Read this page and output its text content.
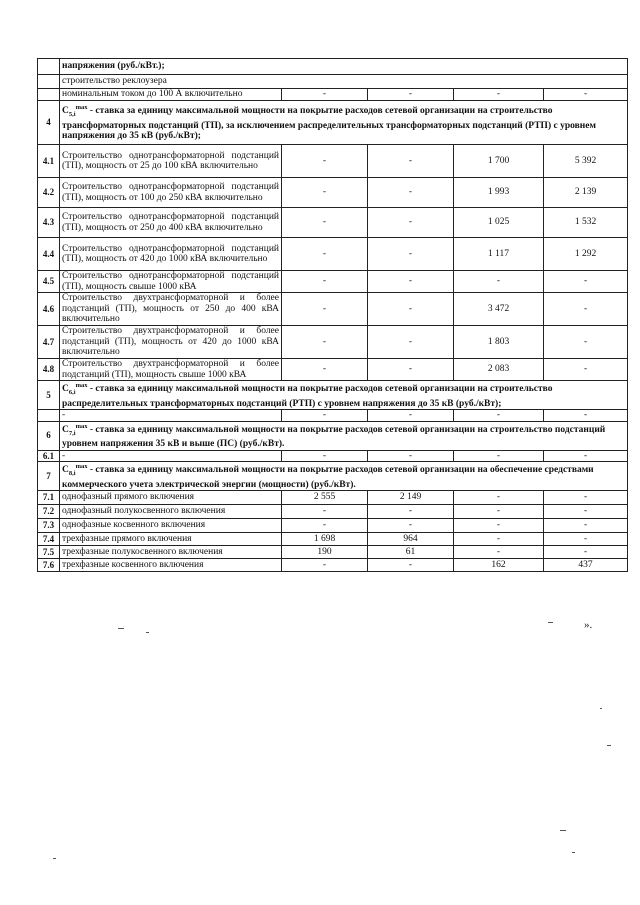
	напряжения (руб./кВт.);				
	строительство реклоузера				
	номинальным током до 100 А включительно	-	-	-	-
4	$С_{5,i}^{max}$ - ставка за единицу максимальной мощности на покрытие расходов сетевой организации на строительство трансформаторных подстанций (ТП), за исключением распределительных трансформаторных подстанций (РТП) с уровнем напряжения до 35 кВ (руб./кВт);				
4.1	Строительство однотрансформаторной подстанций (ТП), мощность от 25 до 100 кВА включительно	-	-	1 700	5 392
4.2	Строительство однотрансформаторной подстанций (ТП), мощность от 100 до 250 кВА включительно	-	-	1 993	2 139
4.3	Строительство однотрансформаторной подстанций (ТП), мощность от 250 до 400 кВА включительно	-	-	1 025	1 532
4.4	Строительство однотрансформаторной подстанций (ТП), мощность от 420 до 1000 кВА включительно	-	-	1 117	1 292
4.5	Строительство однотрансформаторной подстанций (ТП), мощность свыше 1000 кВА	-	-	-	-
4.6	Строительство двухтрансформаторной и более подстанций (ТП), мощность от 250 до 400 кВА включительно	-	-	3 472	-
4.7	Строительство двухтрансформаторной и более подстанций (ТП), мощность от 420 до 1000 кВА включительно	-	-	1 803	-
4.8	Строительство двухтрансформаторной и более подстанций (ТП), мощность свыше 1000 кВА	-	-	2 083	-
5	$С_{6,i}^{max}$ - ставка за единицу максимальной мощности на покрытие расходов сетевой организации на строительство распределительных трансформаторных подстанций (РТП) с уровнем напряжения до 35 кВ (руб./кВт);				
	-	-	-	-	-
6	$С_{7,i}^{max}$ - ставка за единицу максимальной мощности на покрытие расходов сетевой организации на строительство подстанций уровнем напряжения 35 кВ и выше (ПС) (руб./кВт).				
6.1	-	-	-	-	-
7	$С_{8,i}^{max}$ - ставка за единицу максимальной мощности на покрытие расходов сетевой организации на обеспечение средствами коммерческого учета электрической энергии (мощности) (руб./кВт).				
7.1	однофазный прямого включения	2 555	2 149	-	-
7.2	однофазный полукосвенного включения	-	-	-	-
7.3	однофазные косвенного включения	-	-	-	-
7.4	трехфазные прямого включения	1 698	964	-	-
7.5	трехфазные полукосвенного включения	190	61	-	-
7.6	трехфазные косвенного включения	-	-	162	437
».
